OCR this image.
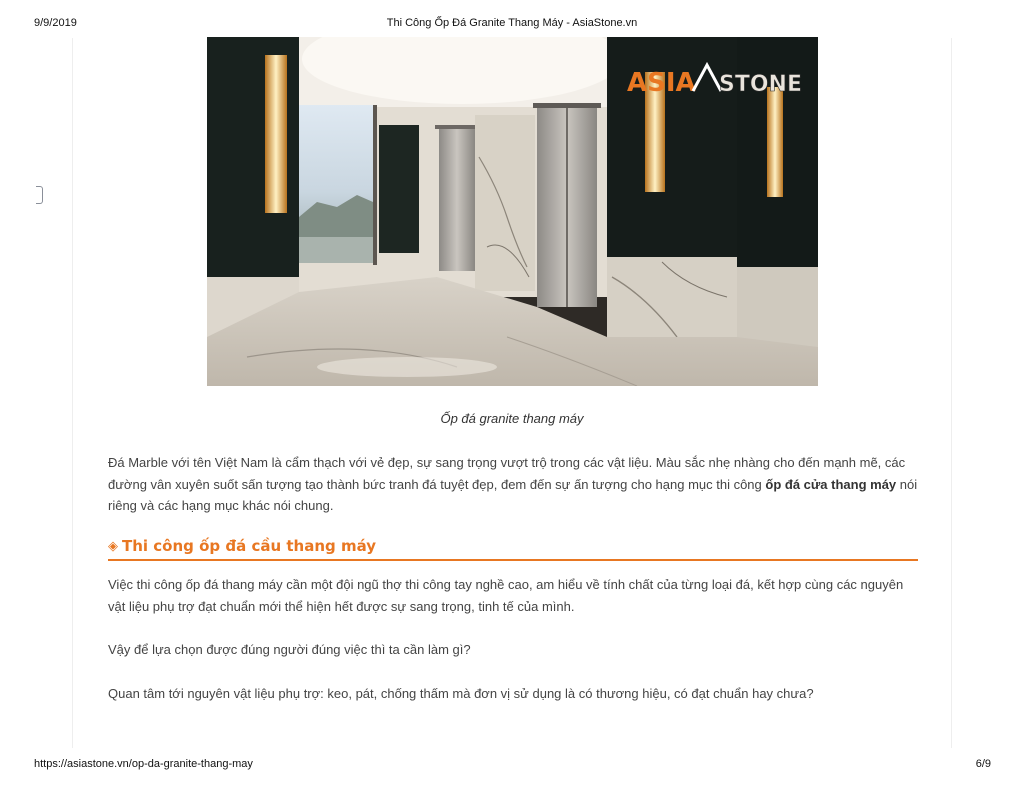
9/9/2019	Thi Công Ốp Đá Granite Thang Máy - AsiaStone.vn
ASIA STONE
Ốp đá granite thang máy
Đá Marble với tên Việt Nam là cẩm thạch với vẻ đẹp, sự sang trọng vượt trộ trong các vật liệu. Màu sắc nhẹ nhàng cho đến mạnh mẽ, các đường vân xuyên suốt sấn tượng tạo thành bức tranh đá tuyệt đẹp, đem đến sự ấn tượng cho hạng mục thi công ốp đá cửa thang máy nói riêng và các hạng mục khác nói chung.
◈ Thi công ốp đá cầu thang máy
Việc thi công ốp đá thang máy cần một đội ngũ thợ thi công tay nghề cao, am hiểu về tính chất của từng loại đá, kết hợp cùng các nguyên vật liệu phụ trợ đạt chuẩn mới thể hiện hết được sự sang trọng, tinh tế của mình.
Vậy để lựa chọn được đúng người đúng việc thì ta cần làm gì?
Quan tâm tới nguyên vật liệu phụ trợ: keo, pát, chống thấm mà đơn vị sử dụng là có thương hiệu, có đạt chuẩn hay chưa?
https://asiastone.vn/op-da-granite-thang-may	6/9
